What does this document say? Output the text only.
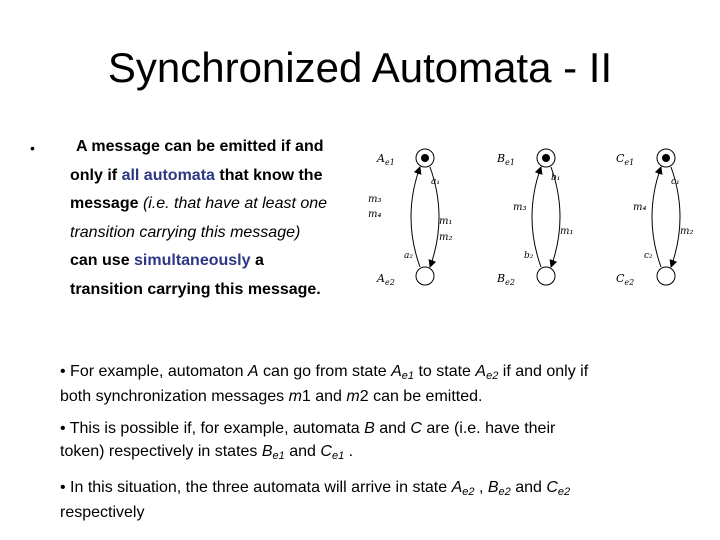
Synchronized Automata - II
•	A message can be emitted if and
only if all automata that know the
message (i.e. that have at least one
transition carrying this message)
can use simultaneously a
transition carrying this message.
$A_{e1}$
$A_{e2}$
a₁
a₂
m₃
m₄
m₁
m₂
$B_{e1}$
$B_{e2}$
b₁
b₂
m₃
m₁
$C_{e1}$
$C_{e2}$
c₁
c₂
m₄
m₂
• For example, automaton A can go from state Ae1 to state Ae2 if and only if
both synchronization messages m1 and m2 can be emitted.
• This is possible if, for example, automata B and C are (i.e. have their
token) respectively in states Be1 and Ce1 .
• In this situation, the three automata will arrive in state Ae2 , Be2 and Ce2
respectively
